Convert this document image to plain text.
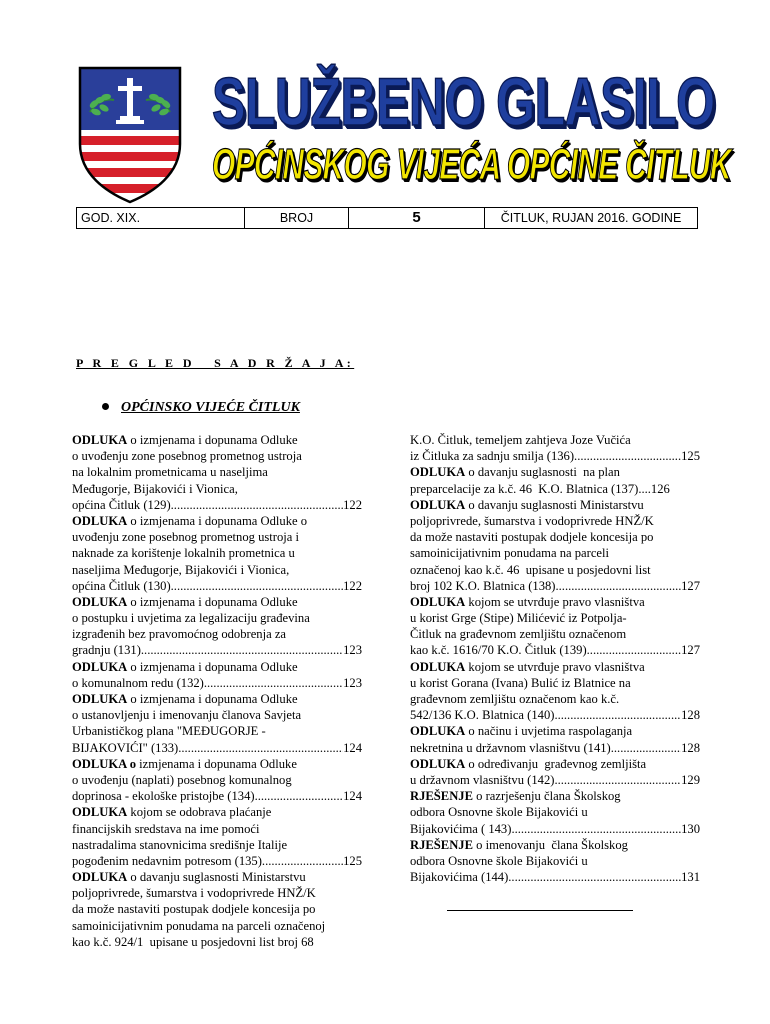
SLUŽBENO GLASILO
OPĆINSKOG VIJEĆA OPĆINE ČITLUK
GOD. XIX.	BROJ	5	ČITLUK, RUJAN 2016. GODINE
P R E G L E D   S A D R Ž A J A:
OPĆINSKO VIJEĆE ČITLUK
ODLUKA o izmjenama i dopunama Odluke
o uvođenju zone posebnog prometnog ustroja
na lokalnim prometnicama u naseljima
Međugorje, Bijakovići i Vionica,
općina Čitluk (129) .....	122
ODLUKA o izmjenama i dopunama Odluke o
uvođenju zone posebnog prometnog ustroja i
naknade za korištenje lokalnih prometnica u
naseljima Međugorje, Bijakovići i Vionica,
općina Čitluk (130) .....	122
ODLUKA o izmjenama i dopunama Odluke
o postupku i uvjetima za legalizaciju građevina
izgrađenih bez pravomoćnog odobrenja za
gradnju (131) .....	123
ODLUKA o izmjenama i dopunama Odluke
o komunalnom redu (132) .....	123
ODLUKA o izmjenama i dopunama Odluke
o ustanovljenju i imenovanju članova Savjeta
Urbanističkog plana "MEĐUGORJE -
BIJAKOVIĆI" (133) .....	124
ODLUKA o izmjenama i dopunama Odluke
o uvođenju (naplati) posebnog komunalnog
doprinosa - ekološke pristojbe (134) .....	124
ODLUKA kojom se odobrava plaćanje
financijskih sredstava na ime pomoći
nastradalima stanovnicima središnje Italije
pogođenim nedavnim potresom (135) .....	125
ODLUKA o davanju suglasnosti Ministarstvu
poljoprivrede, šumarstva i vodoprivrede HNŽ/K
da može nastaviti postupak dodjele koncesija po
samoinicijativnim ponudama na parceli označenoj
kao k.č. 924/1  upisane u posjedovni list broj 68
K.O. Čitluk, temeljem zahtjeva Joze Vučića
iz Čitluka za sadnju smilja (136) .....	125
ODLUKA o davanju suglasnosti  na plan
preparcelacije za k.č. 46  K.O. Blatnica (137)....126
ODLUKA o davanju suglasnosti Ministarstvu
poljoprivrede, šumarstva i vodoprivrede HNŽ/K
da može nastaviti postupak dodjele koncesija po
samoinicijativnim ponudama na parceli
označenoj kao k.č. 46  upisane u posjedovni list
broj 102 K.O. Blatnica (138) .....	127
ODLUKA kojom se utvrđuje pravo vlasništva
u korist Grge (Stipe) Milićević iz Potpolja-
Čitluk na građevnom zemljištu označenom
kao k.č. 1616/70 K.O. Čitluk (139) .....	127
ODLUKA kojom se utvrđuje pravo vlasništva
u korist Gorana (Ivana) Bulić iz Blatnice na
građevnom zemljištu označenom kao k.č.
542/136 K.O. Blatnica (140) .....	128
ODLUKA o načinu i uvjetima raspolaganja
nekretnina u državnom vlasništvu (141) .....	128
ODLUKA o određivanju  građevnog zemljišta
u državnom vlasništvu (142) .....	129
RJEŠENJE o razrješenju člana Školskog
odbora Osnovne škole Bijakovići u
Bijakovićima ( 143) .....	130
RJEŠENJE o imenovanju  člana Školskog
odbora Osnovne škole Bijakovići u
Bijakovićima (144) .....	131
